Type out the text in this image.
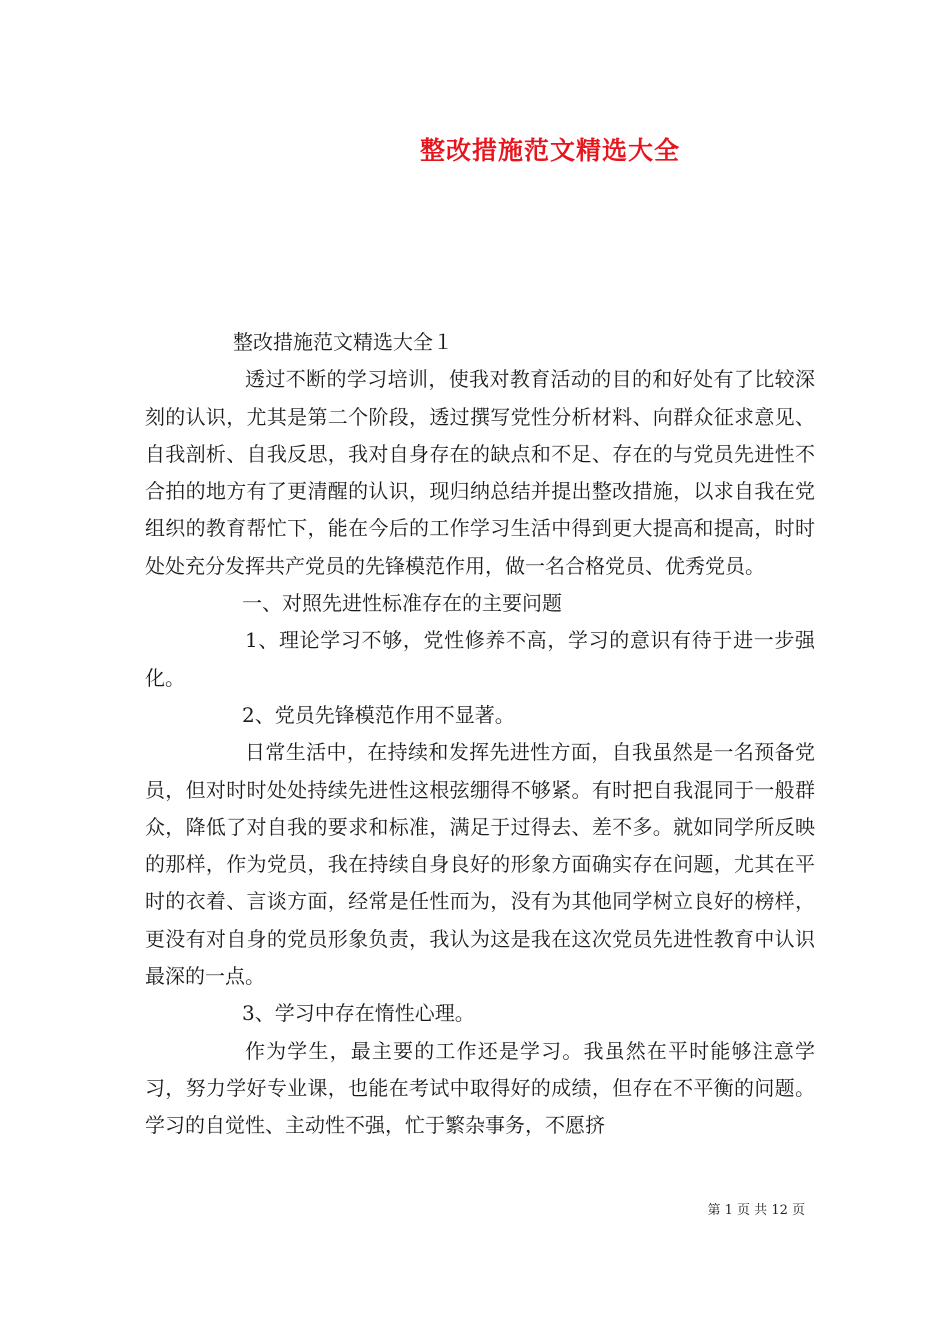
整改措施范文精选大全

整改措施范文精选大全１

透过不断的学习培训，使我对教育活动的目的和好处有了比较深刻的认识，尤其是第二个阶段，透过撰写党性分析材料、向群众征求意见、自我剖析、自我反思，我对自身存在的缺点和不足、存在的与党员先进性不合拍的地方有了更清醒的认识，现归纳总结并提出整改措施，以求自我在党组织的教育帮忙下，能在今后的工作学习生活中得到更大提高和提高，时时处处充分发挥共产党员的先锋模范作用，做一名合格党员、优秀党员。

一、对照先进性标准存在的主要问题

1、理论学习不够，党性修养不高，学习的意识有待于进一步强化。

2、党员先锋模范作用不显著。

日常生活中，在持续和发挥先进性方面，自我虽然是一名预备党员，但对时时处处持续先进性这根弦绷得不够紧。有时把自我混同于一般群众，降低了对自我的要求和标准，满足于过得去、差不多。就如同学所反映的那样，作为党员，我在持续自身良好的形象方面确实存在问题，尤其在平时的衣着、言谈方面，经常是任性而为，没有为其他同学树立良好的榜样，更没有对自身的党员形象负责，我认为这是我在这次党员先进性教育中认识最深的一点。

3、学习中存在惰性心理。

作为学生，最主要的工作还是学习。我虽然在平时能够注意学习，努力学好专业课，也能在考试中取得好的成绩，但存在不平衡的问题。学习的自觉性、主动性不强，忙于繁杂事务，不愿挤

第 1 页 共 12 页
